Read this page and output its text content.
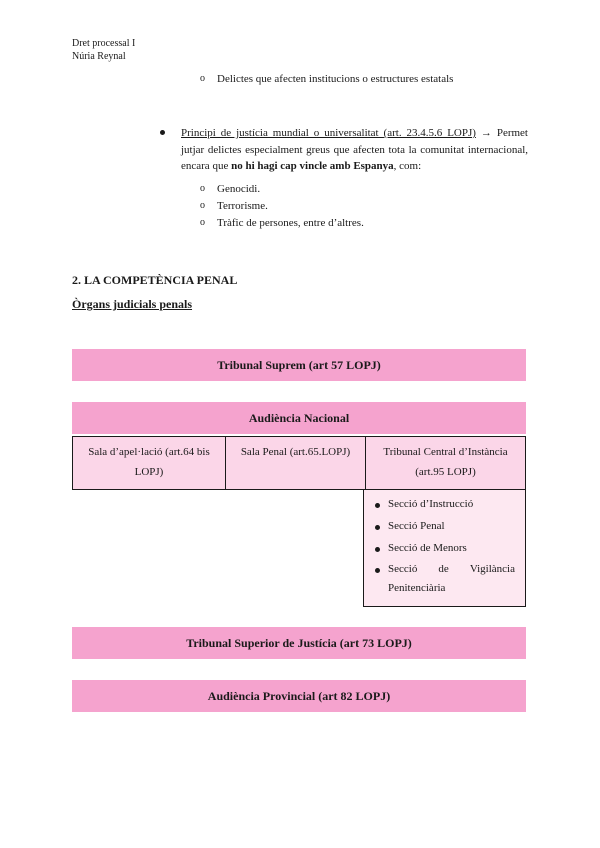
Dret processal I
Núria Reynal
o Delictes que afecten institucions o estructures estatals
Principi de justícia mundial o universalitat (art. 23.4.5.6 LOPJ) → Permet jutjar delictes especialment greus que afecten tota la comunitat internacional, encara que no hi hagi cap vincle amb Espanya, com:
o Genocidi.
o Terrorisme.
o Tràfic de persones, entre d’altres.
2. LA COMPETÈNCIA PENAL
Òrgans judicials penals
Tribunal Suprem (art 57 LOPJ)
Audiència Nacional
Sala d’apel·lació (art.64 bis
LOPJ)
Sala Penal (art.65.LOPJ)	Tribunal Central d’Instància
(art.95 LOPJ)
Secció d’Instrucció
Secció Penal
Secció de Menors
Secció de Vigilància
Penitenciària
Tribunal Superior de Justícia (art 73 LOPJ)
Audiència Provincial (art 82 LOPJ)
